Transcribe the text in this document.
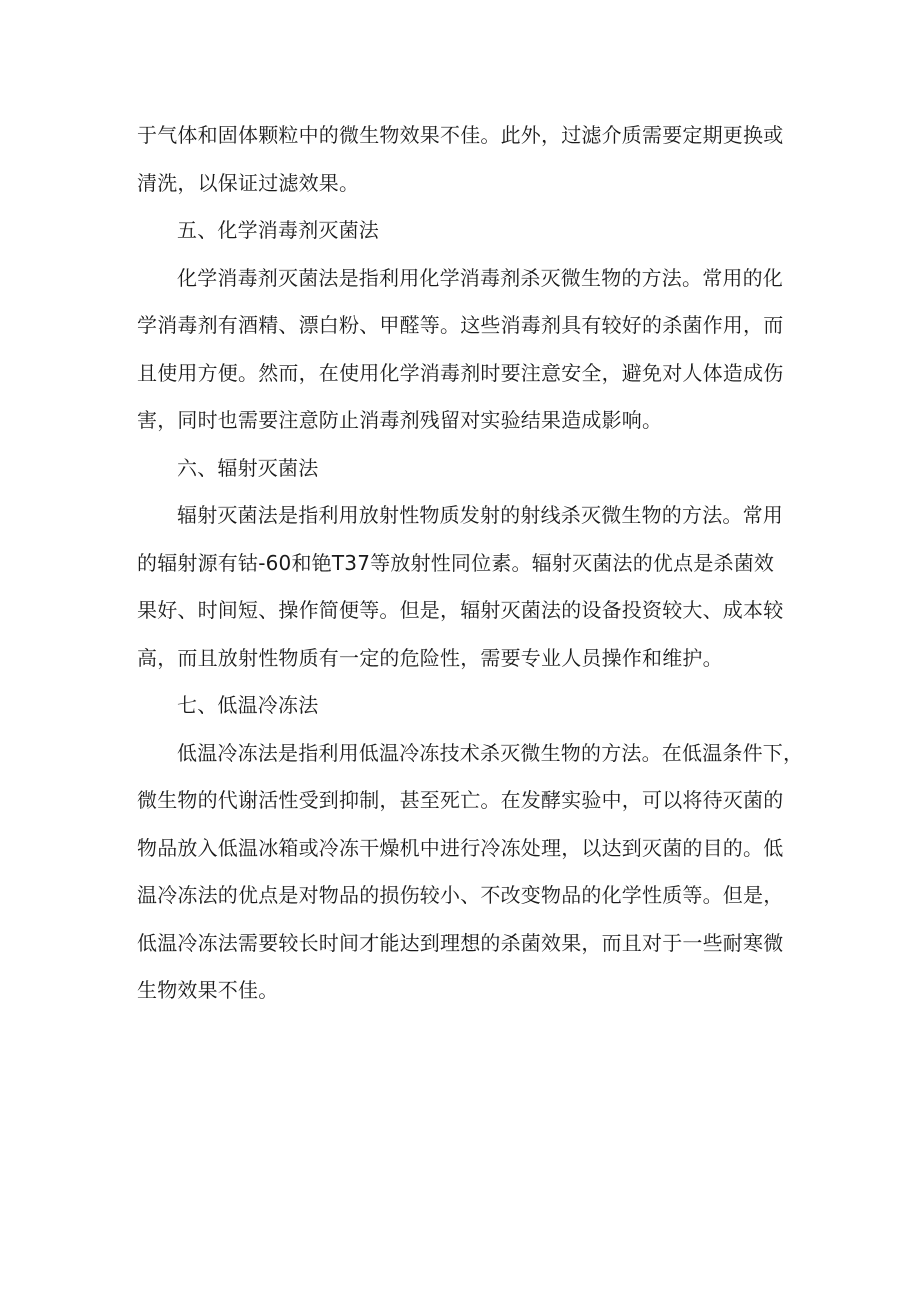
于气体和固体颗粒中的微生物效果不佳。此外，过滤介质需要定期更换或
清洗，以保证过滤效果。

五、化学消毒剂灭菌法

化学消毒剂灭菌法是指利用化学消毒剂杀灭微生物的方法。常用的化
学消毒剂有酒精、漂白粉、甲醛等。这些消毒剂具有较好的杀菌作用，而
且使用方便。然而，在使用化学消毒剂时要注意安全，避免对人体造成伤
害，同时也需要注意防止消毒剂残留对实验结果造成影响。

六、辐射灭菌法

辐射灭菌法是指利用放射性物质发射的射线杀灭微生物的方法。常用
的辐射源有钴-60和铯T37等放射性同位素。辐射灭菌法的优点是杀菌效
果好、时间短、操作简便等。但是，辐射灭菌法的设备投资较大、成本较
高，而且放射性物质有一定的危险性，需要专业人员操作和维护。

七、低温冷冻法

低温冷冻法是指利用低温冷冻技术杀灭微生物的方法。在低温条件下，
微生物的代谢活性受到抑制，甚至死亡。在发酵实验中，可以将待灭菌的
物品放入低温冰箱或冷冻干燥机中进行冷冻处理，以达到灭菌的目的。低
温冷冻法的优点是对物品的损伤较小、不改变物品的化学性质等。但是，
低温冷冻法需要较长时间才能达到理想的杀菌效果，而且对于一些耐寒微
生物效果不佳。
